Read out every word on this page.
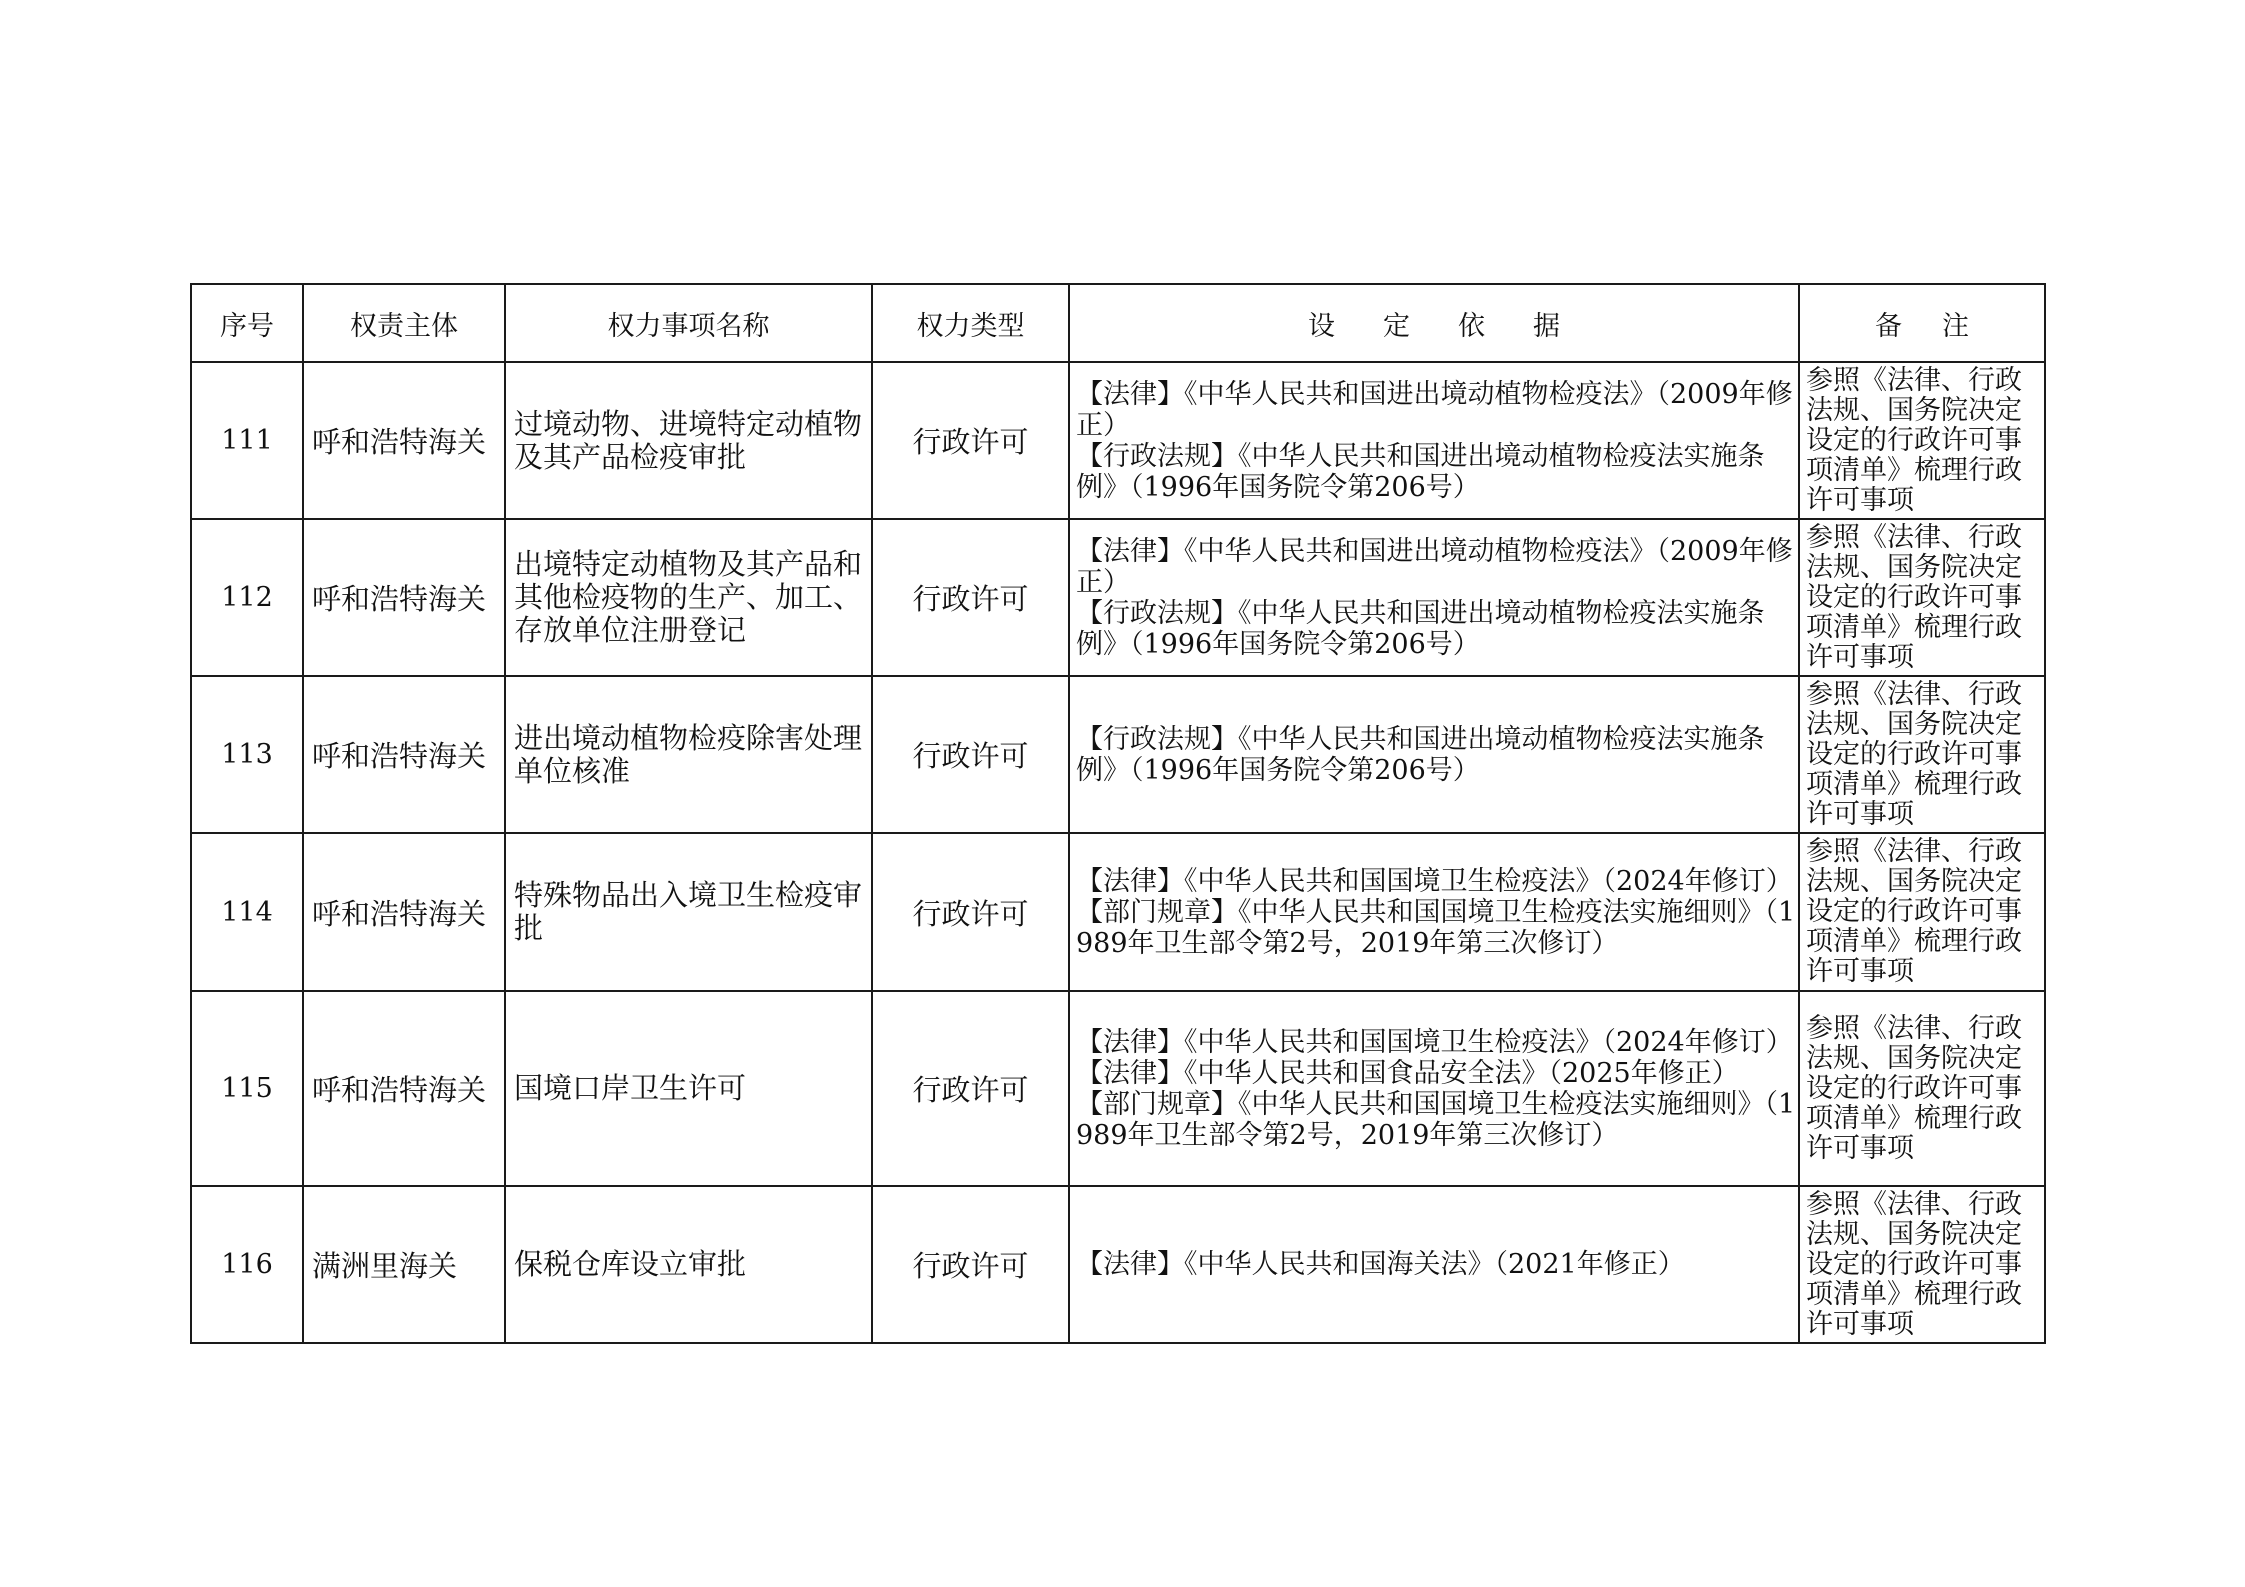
序号	权责主体	权力事项名称	权力类型	设定依据	备注
111	呼和浩特海关	过境动物、进境特定动植物及其产品检疫审批	行政许可	【法律】《中华人民共和国进出境动植物检疫法》（2009年修正）
【行政法规】《中华人民共和国进出境动植物检疫法实施条例》（1996年国务院令第206号）	参照《法律、行政法规、国务院决定设定的行政许可事项清单》梳理行政许可事项

112	呼和浩特海关	出境特定动植物及其产品和其他检疫物的生产、加工、存放单位注册登记	行政许可	【法律】《中华人民共和国进出境动植物检疫法》（2009年修正）
【行政法规】《中华人民共和国进出境动植物检疫法实施条例》（1996年国务院令第206号）	参照《法律、行政法规、国务院决定设定的行政许可事项清单》梳理行政许可事项

113	呼和浩特海关	进出境动植物检疫除害处理单位核准	行政许可	【行政法规】《中华人民共和国进出境动植物检疫法实施条例》（1996年国务院令第206号）	参照《法律、行政法规、国务院决定设定的行政许可事项清单》梳理行政许可事项

114	呼和浩特海关	特殊物品出入境卫生检疫审批	行政许可	【法律】《中华人民共和国国境卫生检疫法》（2024年修订）
【部门规章】《中华人民共和国国境卫生检疫法实施细则》（1989年卫生部令第2号，2019年第三次修订）	参照《法律、行政法规、国务院决定设定的行政许可事项清单》梳理行政许可事项

115	呼和浩特海关	国境口岸卫生许可	行政许可	【法律】《中华人民共和国国境卫生检疫法》（2024年修订）
【法律】《中华人民共和国食品安全法》（2025年修正）
【部门规章】《中华人民共和国国境卫生检疫法实施细则》（1989年卫生部令第2号，2019年第三次修订）	参照《法律、行政法规、国务院决定设定的行政许可事项清单》梳理行政许可事项

116	满洲里海关	保税仓库设立审批	行政许可	【法律】《中华人民共和国海关法》（2021年修正）	参照《法律、行政法规、国务院决定设定的行政许可事项清单》梳理行政许可事项
